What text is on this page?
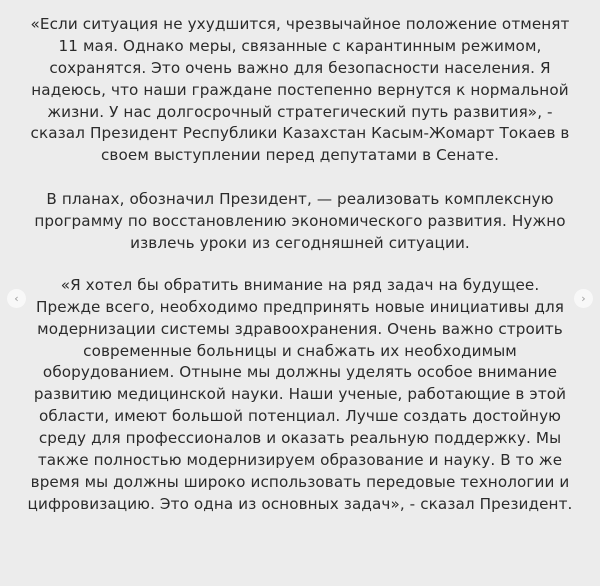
«Если ситуация не ухудшится, чрезвычайное положение отменят 11 мая. Однако меры, связанные с карантинным режимом, сохранятся. Это очень важно для безопасности населения. Я надеюсь, что наши граждане постепенно вернутся к нормальной жизни. У нас долгосрочный стратегический путь развития», - сказал Президент Республики Казахстан Касым-Жомарт Токаев в своем выступлении перед депутатами в Сенате.

В планах, обозначил Президент, — реализовать комплексную программу по восстановлению экономического развития. Нужно извлечь уроки из сегодняшней ситуации.

«Я хотел бы обратить внимание на ряд задач на будущее. Прежде всего, необходимо предпринять новые инициативы для модернизации системы здравоохранения. Очень важно строить современные больницы и снабжать их необходимым оборудованием. Отныне мы должны уделять особое внимание развитию медицинской науки. Наши ученые, работающие в этой области, имеют большой потенциал. Лучше создать достойную среду для профессионалов и оказать реальную поддержку. Мы также полностью модернизируем образование и науку. В то же время мы должны широко использовать передовые технологии и цифровизацию. Это одна из основных задач», - сказал Президент.

‹	›
